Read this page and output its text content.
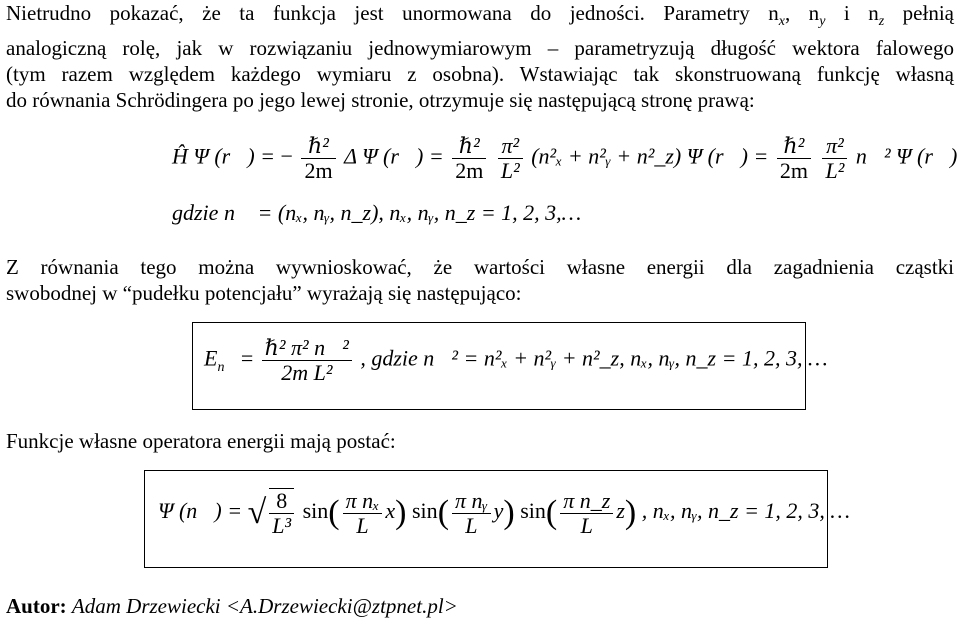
Nietrudno pokazać, że ta funkcja jest unormowana do jedności. Parametry $n_x$, $n_y$ i $n_z$ pełnią
analogiczną rolę, jak w rozwiązaniu jednowymiarowym – parametryzują długość wektora falowego
(tym razem względem każdego wymiaru z osobna). Wstawiając tak skonstruowaną funkcję własną
do równania Schrödingera po jego lewej stronie, otrzymuje się następującą stronę prawą:
Ĥ Ψ (r⃗) = − $\frac{\text{ℏ²}}{2m}$ Δ Ψ (r⃗) = $\frac{\text{ℏ²}}{2m}$
$\frac{\text{π²}}{\text{L²}} (n^2_x$ + n²ᵧ + n²_z) Ψ (r⃗) = $\frac{\text{ℏ²}}{2m}$
$\frac{\text{π²}}{\text{L²}}$ n⃗² Ψ (r⃗)
gdzie n⃗ = (nₓ, nᵧ, n_z), nₓ, nᵧ, n_z = 1, 2, 3,…
Z równania tego można wywnioskować, że wartości własne energii dla zagadnienia cząstki
swobodnej w “pudełku potencjału” wyrażają się następująco:
$E_{n⃗} = \frac{\text{ℏ² π² n⃗²}}{\text{2m L²}}$ , gdzie n⃗² = n²ₓ + n²ᵧ + n²_z, nₓ, nᵧ, n_z = 1, 2, 3, …
Funkcje własne operatora energii mają postać:
Ψ (n⃗) = √ $\frac{8}{\text{L³}} \sin( \frac{\text{π nₓ}}{L} x)$ $\sin( \frac{\text{π nᵧ}}{L} y)$ $\sin( \frac{\text{π n\_z}}{L} z)$ , nₓ, nᵧ, n_z = 1, 2, 3, …
Autor: Adam Drzewiecki <A.Drzewiecki@ztpnet.pl>
